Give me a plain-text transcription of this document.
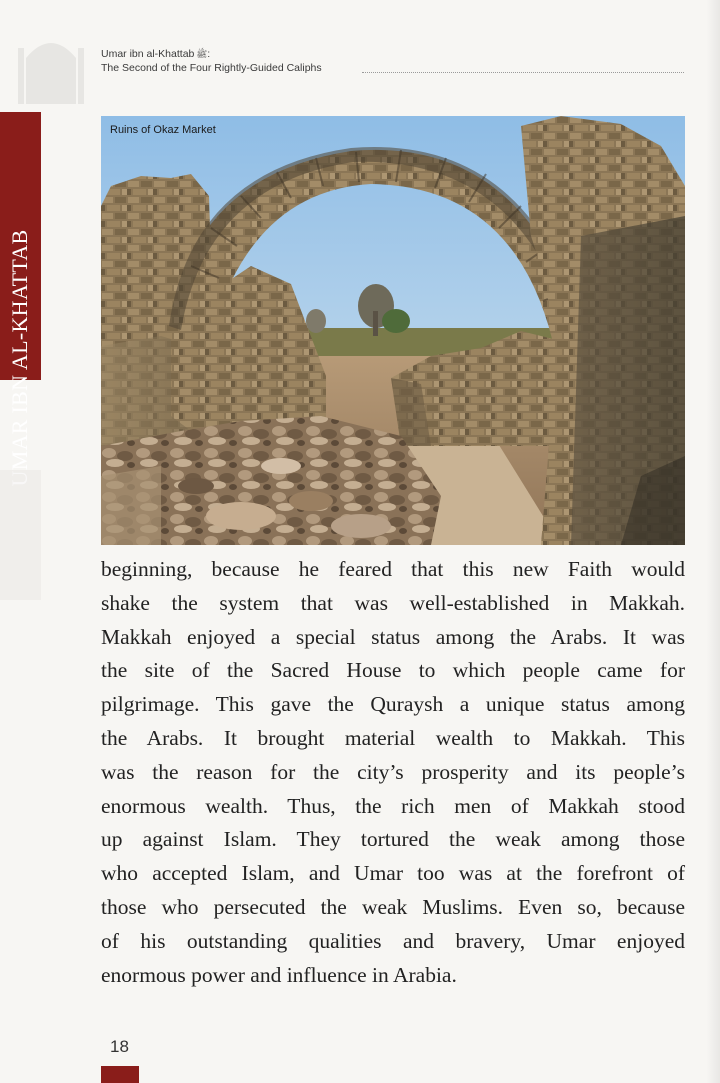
UMAR IBN AL-KHATTAB
Umar ibn al-Khattab ﷺ:
The Second of the Four Rightly-Guided Caliphs
Ruins of Okaz Market
beginning, because he feared that this new Faith would
shake the system that was well-established in Makkah.
Makkah enjoyed a special status among the Arabs. It was
the site of the Sacred House to which people came for
pilgrimage. This gave the Quraysh a unique status among
the Arabs. It brought material wealth to Makkah. This
was the reason for the city’s prosperity and its people’s
enormous wealth. Thus, the rich men of Makkah stood
up against Islam. They tortured the weak among those
who accepted Islam, and Umar too was at the forefront of
those who persecuted the weak Muslims. Even so, because
of his outstanding qualities and bravery, Umar enjoyed
enormous power and influence in Arabia.
18
